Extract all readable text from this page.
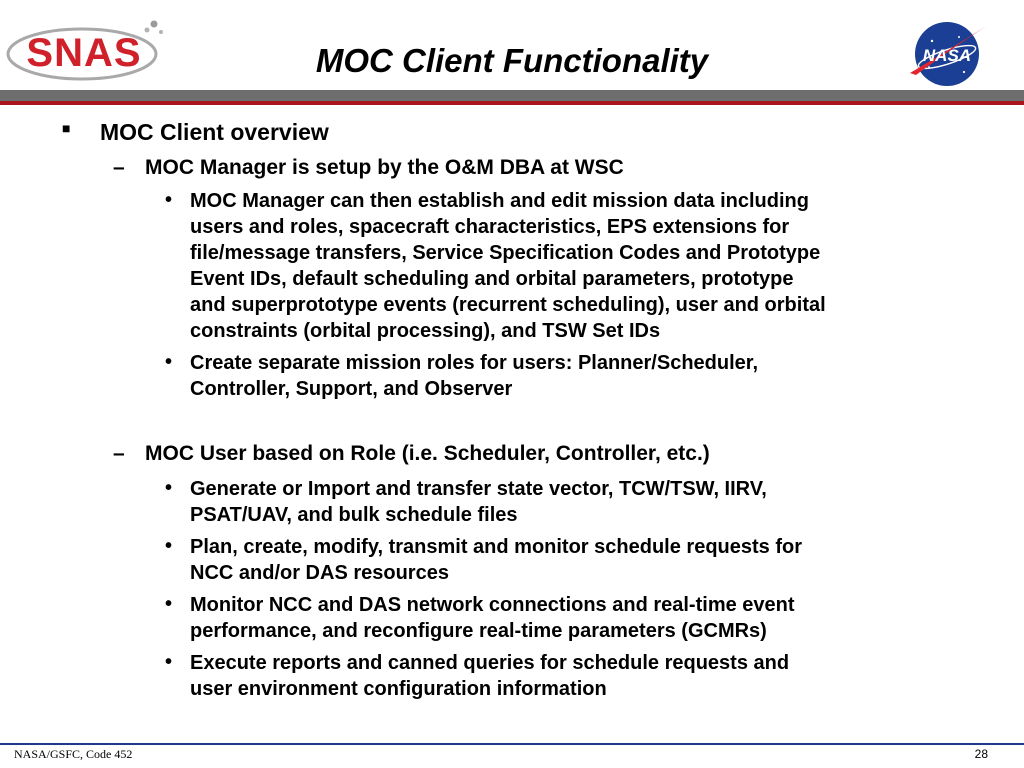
SNAS	MOC Client Functionality	NASA
■ MOC Client overview
– MOC Manager is setup by the O&M DBA at WSC
• MOC Manager can then establish and edit mission data including
users and roles, spacecraft characteristics, EPS extensions for
file/message transfers, Service Specification Codes and Prototype
Event IDs, default scheduling and orbital parameters, prototype
and superprototype events (recurrent scheduling), user and orbital
constraints (orbital processing), and TSW Set IDs
• Create separate mission roles for users: Planner/Scheduler,
Controller, Support, and Observer
– MOC User based on Role (i.e. Scheduler, Controller, etc.)
• Generate or Import and transfer state vector, TCW/TSW, IIRV,
PSAT/UAV, and bulk schedule files
• Plan, create, modify, transmit and monitor schedule requests for
NCC and/or DAS resources
• Monitor NCC and DAS network connections and real-time event
performance, and reconfigure real-time parameters (GCMRs)
• Execute reports and canned queries for schedule requests and
user environment configuration information
NASA/GSFC, Code 452	28
